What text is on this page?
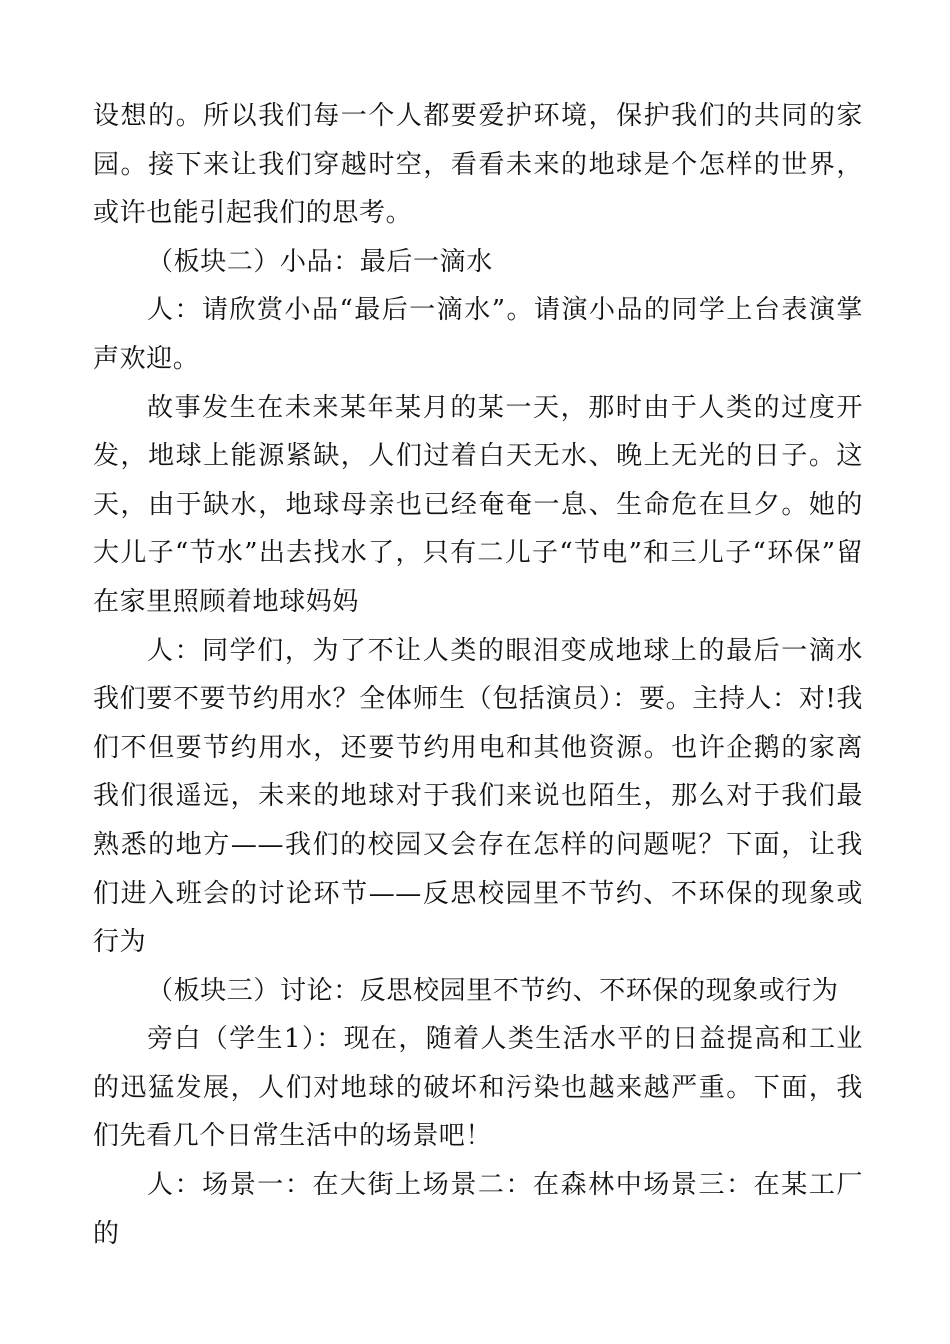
设想的。所以我们每一个人都要爱护环境，保护我们的共同的家园。接下来让我们穿越时空，看看未来的地球是个怎样的世界，或许也能引起我们的思考。

（板块二）小品：最后一滴水

人：请欣赏小品“最后一滴水”。请演小品的同学上台表演掌声欢迎。

故事发生在未来某年某月的某一天，那时由于人类的过度开发，地球上能源紧缺，人们过着白天无水、晚上无光的日子。这天，由于缺水，地球母亲也已经奄奄一息、生命危在旦夕。她的大儿子“节水”出去找水了，只有二儿子“节电”和三儿子“环保”留在家里照顾着地球妈妈

人：同学们，为了不让人类的眼泪变成地球上的最后一滴水我们要不要节约用水？全体师生（包括演员）：要。主持人：对!我们不但要节约用水，还要节约用电和其他资源。也许企鹅的家离我们很遥远，未来的地球对于我们来说也陌生，那么对于我们最熟悉的地方——我们的校园又会存在怎样的问题呢？下面，让我们进入班会的讨论环节——反思校园里不节约、不环保的现象或行为

（板块三）讨论：反思校园里不节约、不环保的现象或行为

旁白（学生1）：现在，随着人类生活水平的日益提高和工业的迅猛发展，人们对地球的破坏和污染也越来越严重。下面，我们先看几个日常生活中的场景吧！

人：场景一：在大街上场景二：在森林中场景三：在某工厂的
